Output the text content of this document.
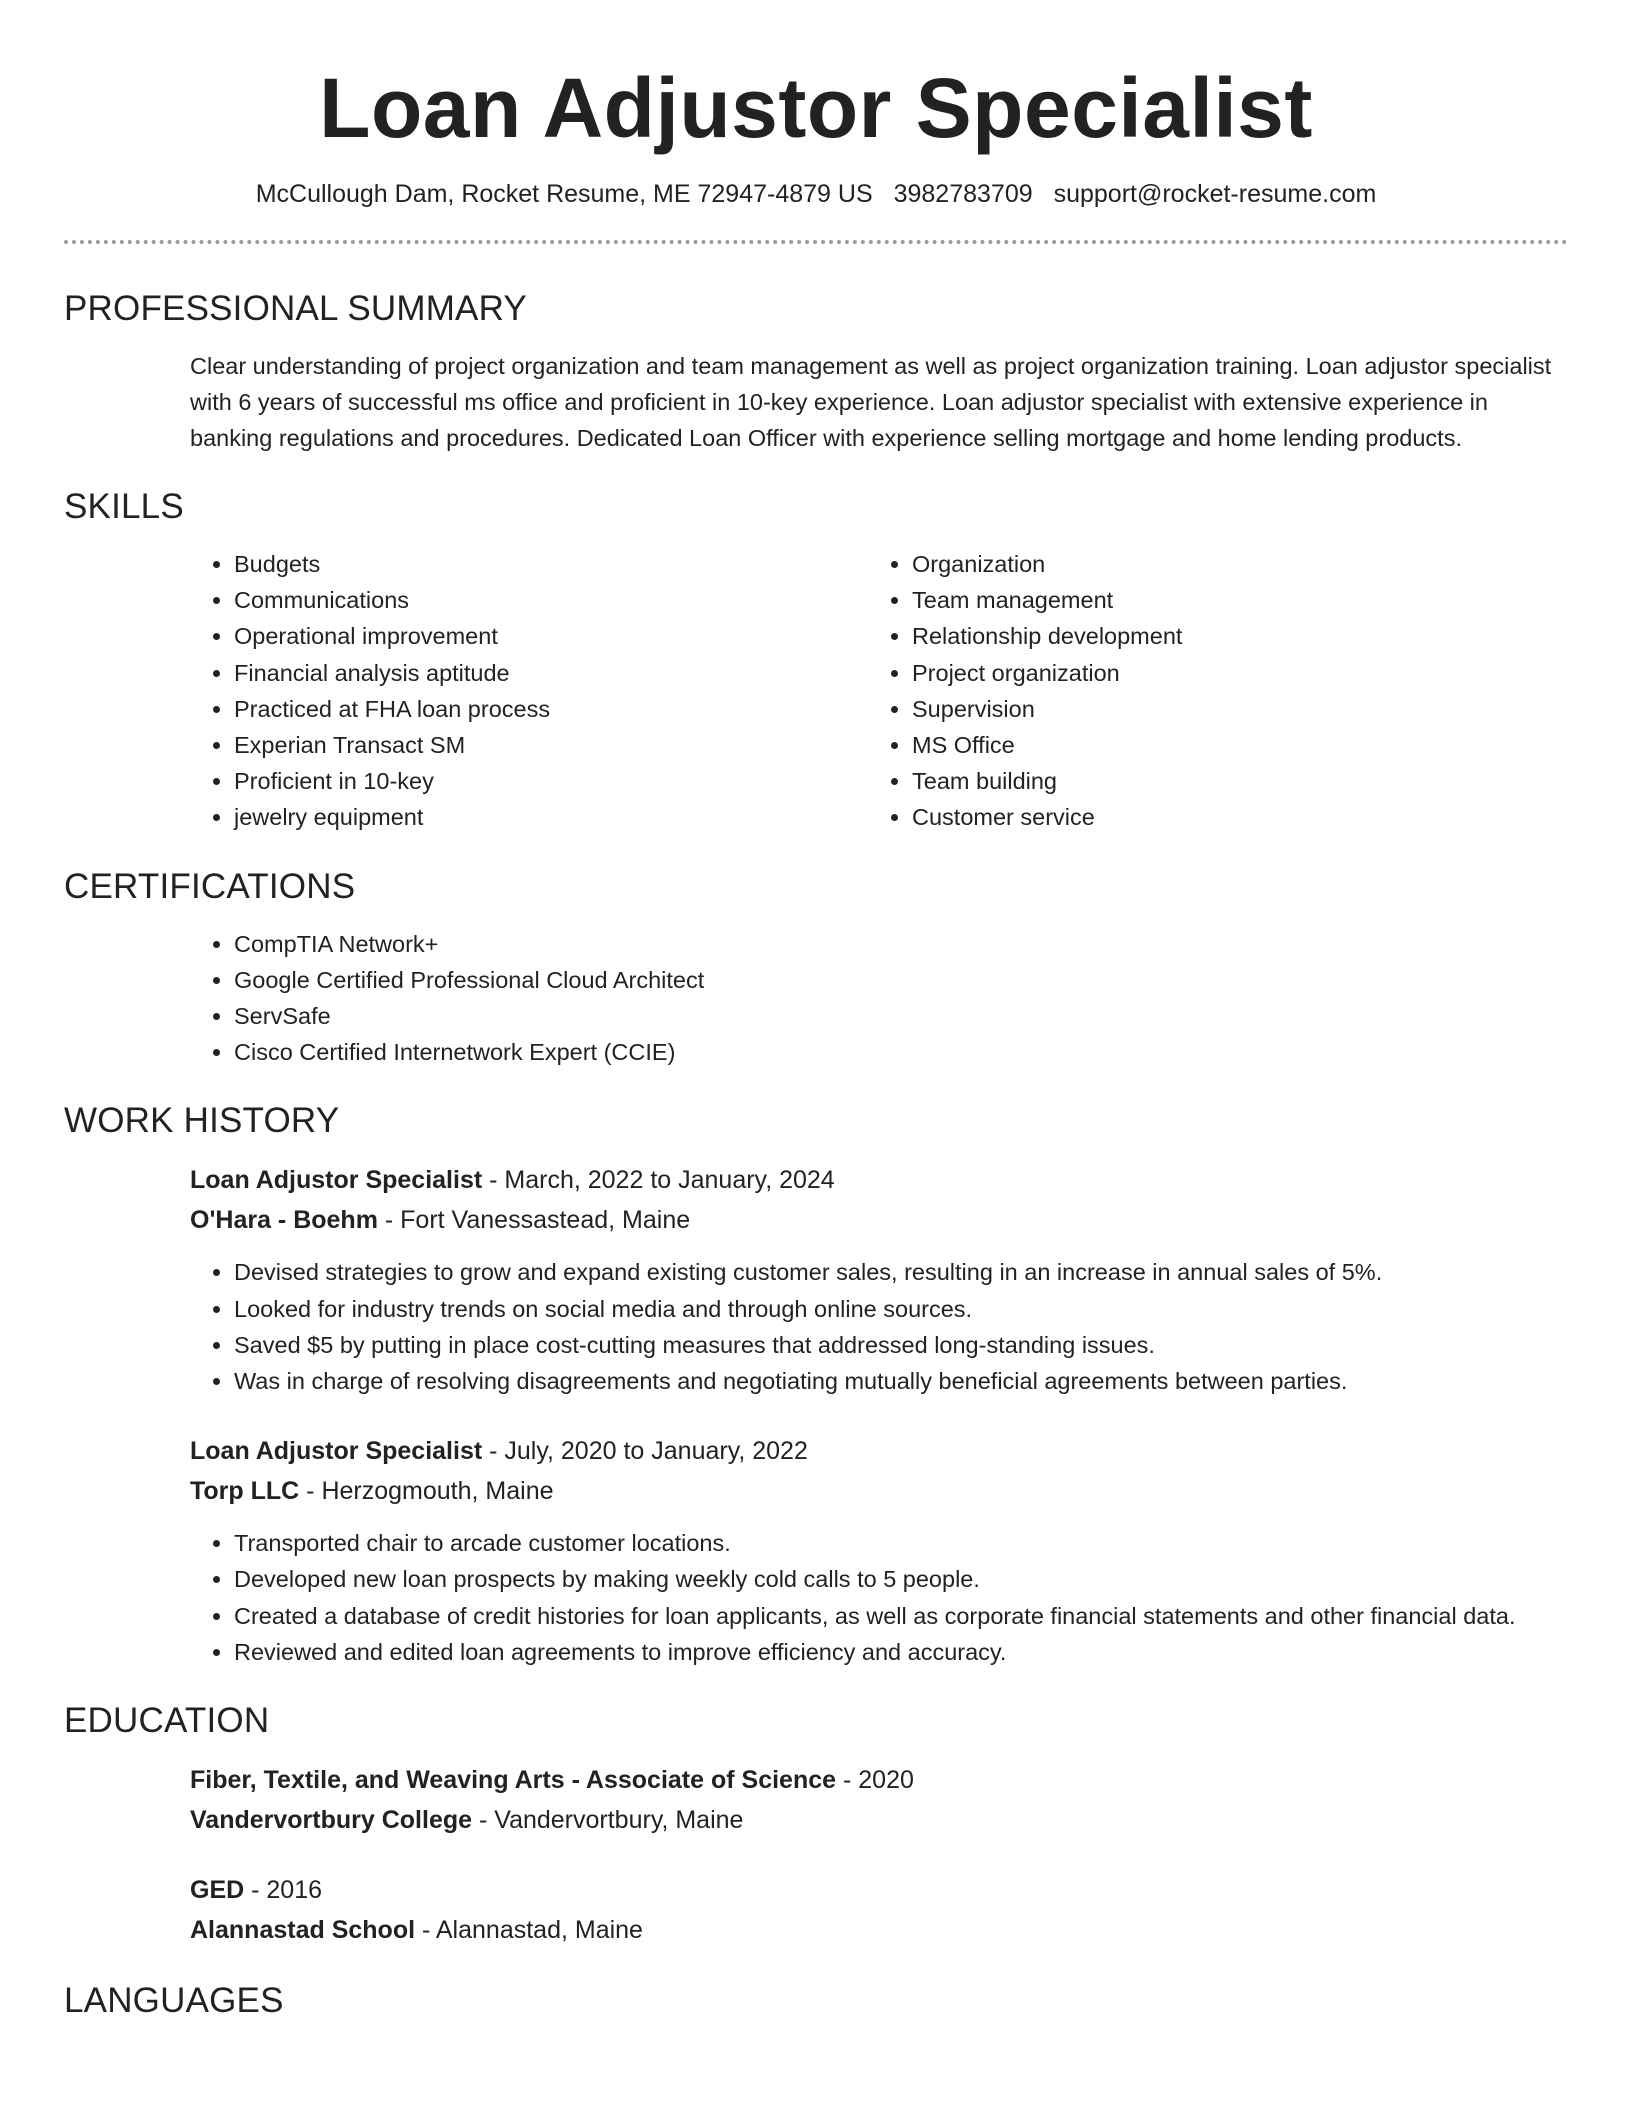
Loan Adjustor Specialist
McCullough Dam, Rocket Resume, ME 72947-4879 US 3982783709 support@rocket-resume.com
PROFESSIONAL SUMMARY
Clear understanding of project organization and team management as well as project organization training. Loan adjustor specialist with 6 years of successful ms office and proficient in 10-key experience. Loan adjustor specialist with extensive experience in banking regulations and procedures. Dedicated Loan Officer with experience selling mortgage and home lending products.
SKILLS
• Budgets
• Communications
• Operational improvement
• Financial analysis aptitude
• Practiced at FHA loan process
• Experian Transact SM
• Proficient in 10-key
• jewelry equipment
• Organization
• Team management
• Relationship development
• Project organization
• Supervision
• MS Office
• Team building
• Customer service
CERTIFICATIONS
• CompTIA Network+
• Google Certified Professional Cloud Architect
• ServSafe
• Cisco Certified Internetwork Expert (CCIE)
WORK HISTORY
Loan Adjustor Specialist - March, 2022 to January, 2024
O'Hara - Boehm - Fort Vanessastead, Maine
• Devised strategies to grow and expand existing customer sales, resulting in an increase in annual sales of 5%.
• Looked for industry trends on social media and through online sources.
• Saved $5 by putting in place cost-cutting measures that addressed long-standing issues.
• Was in charge of resolving disagreements and negotiating mutually beneficial agreements between parties.
Loan Adjustor Specialist - July, 2020 to January, 2022
Torp LLC - Herzogmouth, Maine
• Transported chair to arcade customer locations.
• Developed new loan prospects by making weekly cold calls to 5 people.
• Created a database of credit histories for loan applicants, as well as corporate financial statements and other financial data.
• Reviewed and edited loan agreements to improve efficiency and accuracy.
EDUCATION
Fiber, Textile, and Weaving Arts - Associate of Science - 2020
Vandervortbury College - Vandervortbury, Maine
GED - 2016
Alannastad School - Alannastad, Maine
LANGUAGES
